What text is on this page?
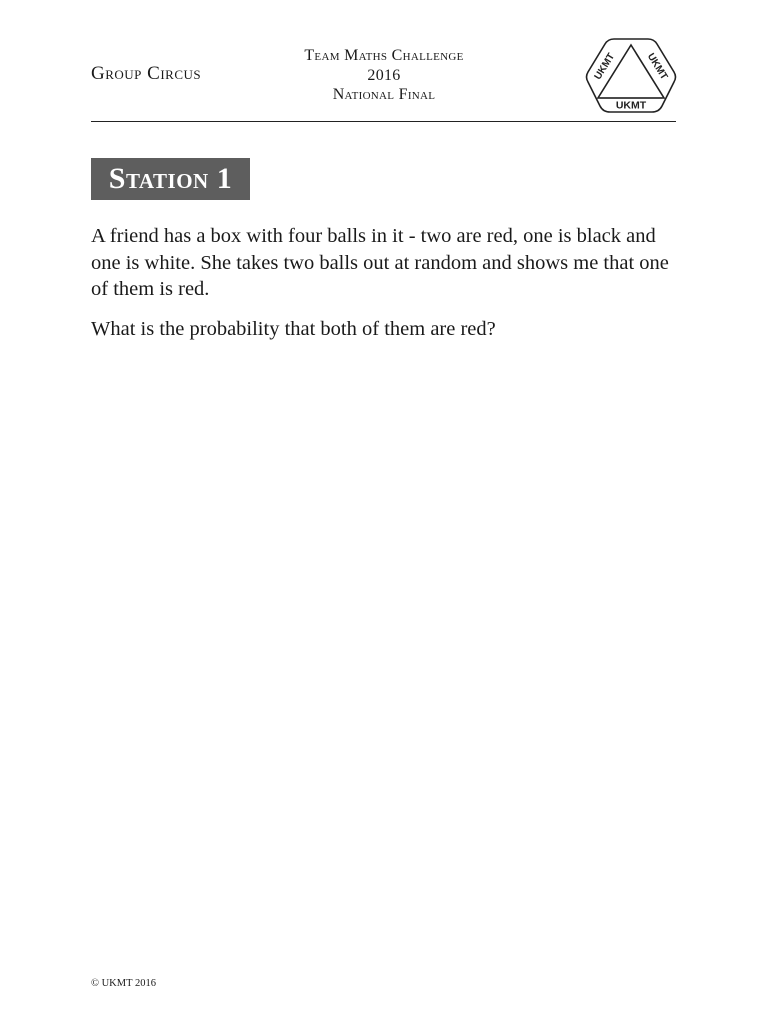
Group Circus
Team Maths Challenge
2016
National Final
UKMT
UKMT	UKMT
Station 1

A friend has a box with four balls in it - two are red, one is black and one is white. She takes two balls out at random and shows me that one of them is red.

What is the probability that both of them are red?

© UKMT 2016
